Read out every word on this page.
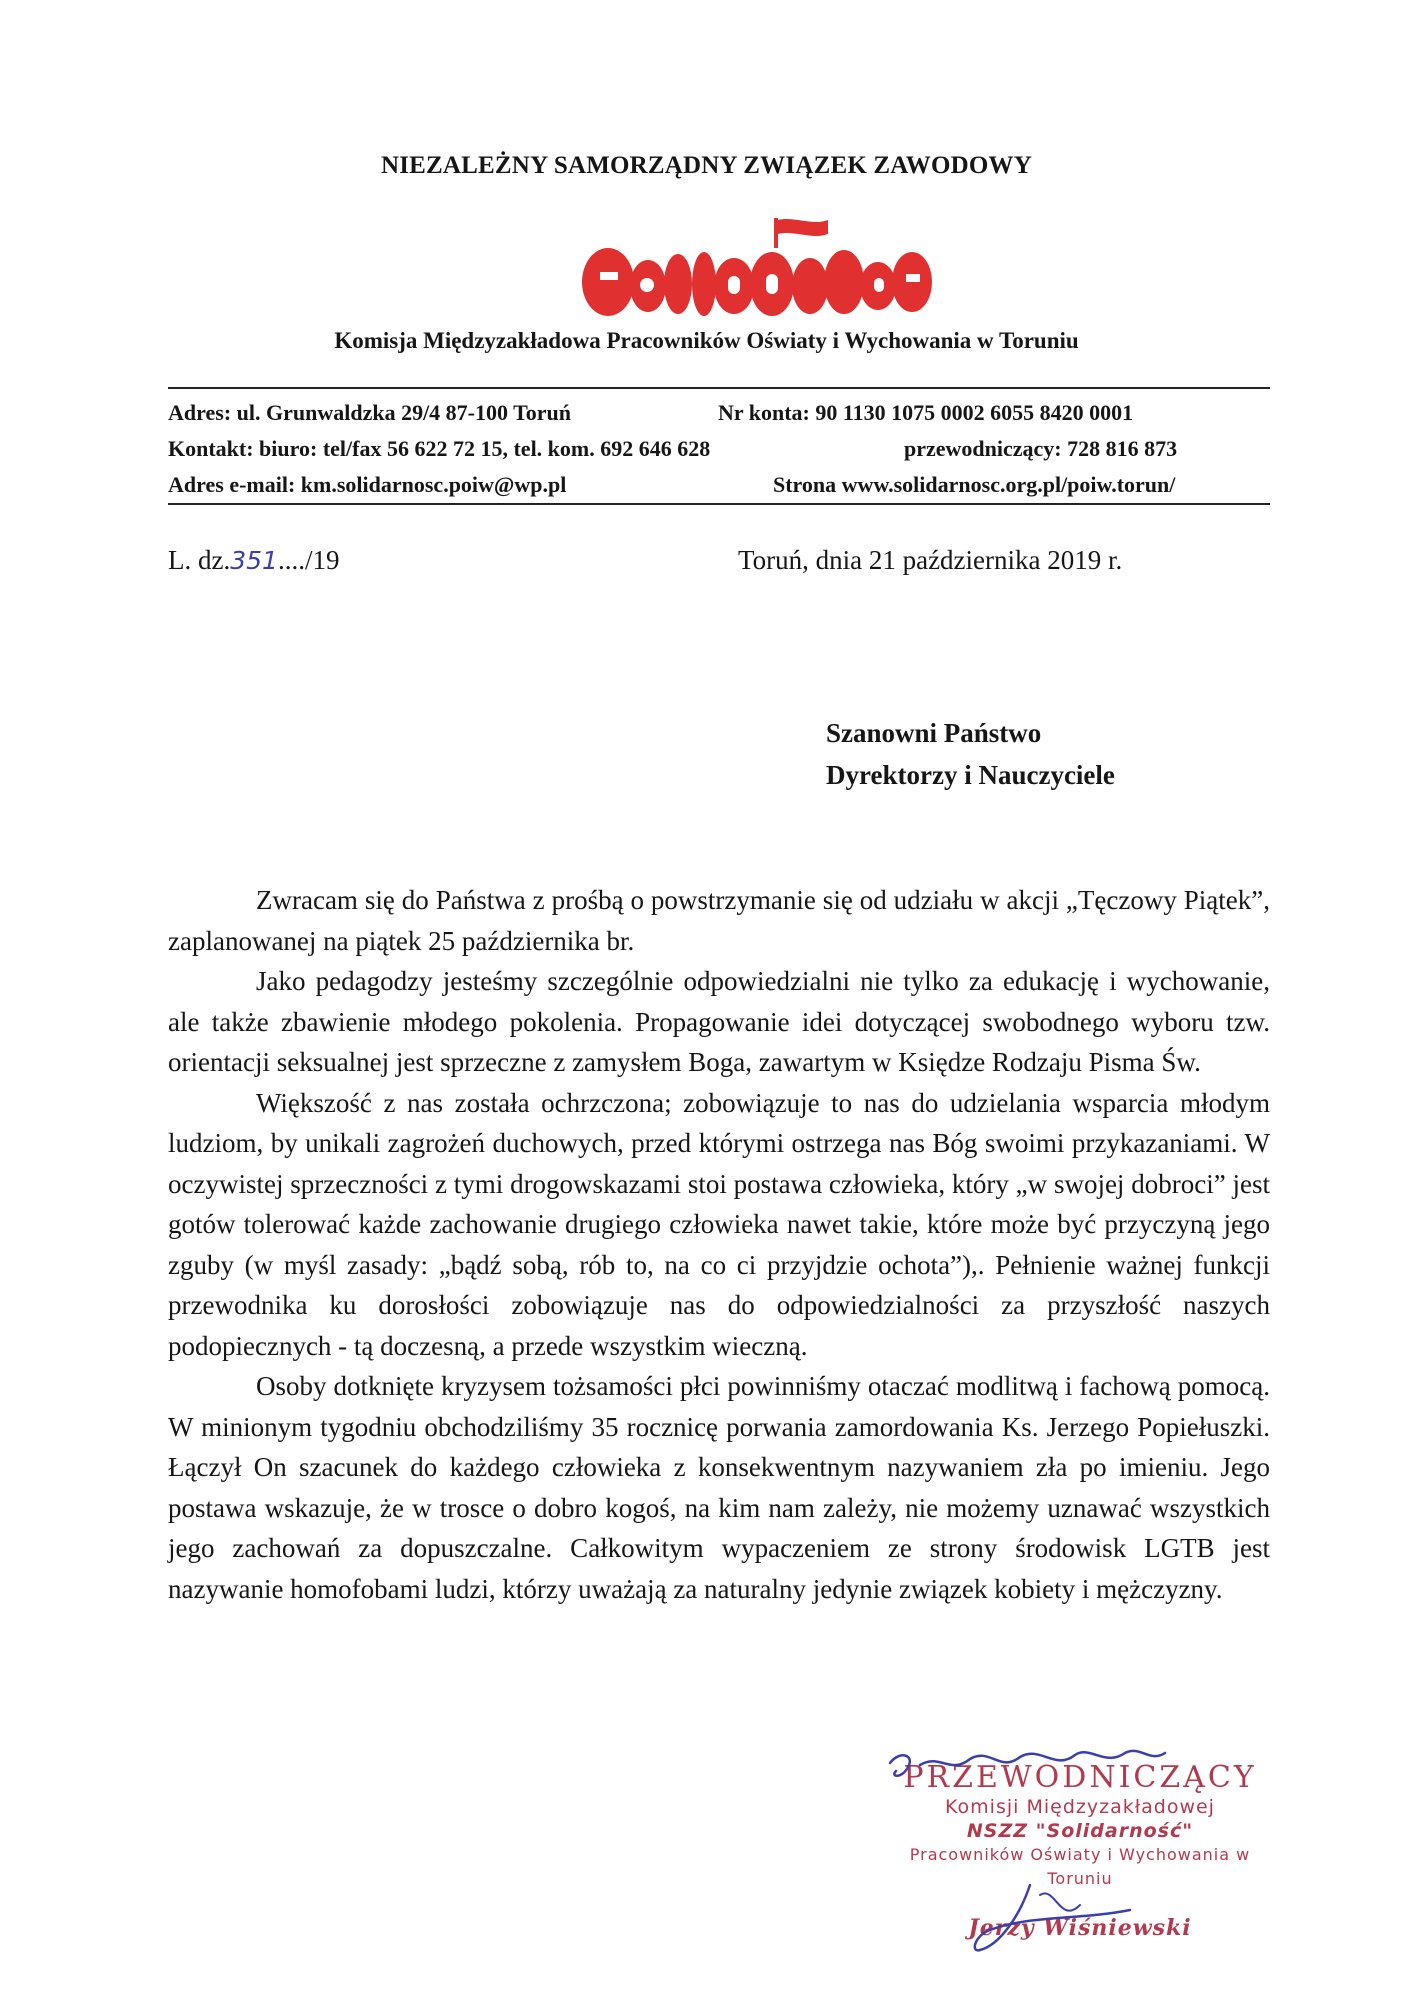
NIEZALEŻNY SAMORZĄDNY ZWIĄZEK ZAWODOWY
Komisja Międzyzakładowa Pracowników Oświaty i Wychowania w Toruniu
Adres: ul. Grunwaldzka 29/4 87-100 Toruń	Nr konta: 90 1130 1075 0002 6055 8420 0001
Kontakt: biuro: tel/fax 56 622 72 15, tel. kom. 692 646 628	przewodniczący: 728 816 873
Adres e-mail: km.solidarnosc.poiw@wp.pl	Strona www.solidarnosc.org.pl/poiw.torun/
L. dz.351..../19	Toruń, dnia 21 października 2019 r.
Szanowni Państwo
Dyrektorzy i Nauczyciele

Zwracam się do Państwa z prośbą o powstrzymanie się od udziału w akcji „Tęczowy Piątek”, zaplanowanej na piątek 25 października br.

Jako pedagodzy jesteśmy szczególnie odpowiedzialni nie tylko za edukację i wychowanie, ale także zbawienie młodego pokolenia. Propagowanie idei dotyczącej swobodnego wyboru tzw. orientacji seksualnej jest sprzeczne z zamysłem Boga, zawartym w Księdze Rodzaju Pisma Św.

Większość z nas została ochrzczona; zobowiązuje to nas do udzielania wsparcia młodym ludziom, by unikali zagrożeń duchowych, przed którymi ostrzega nas Bóg swoimi przykazaniami. W oczywistej sprzeczności z tymi drogowskazami stoi postawa człowieka, który „w swojej dobroci” jest gotów tolerować każde zachowanie drugiego człowieka nawet takie, które może być przyczyną jego zguby (w myśl zasady: „bądź sobą, rób to, na co ci przyjdzie ochota”),. Pełnienie ważnej funkcji przewodnika ku dorosłości zobowiązuje nas do odpowiedzialności za przyszłość naszych podopiecznych - tą doczesną, a przede wszystkim wieczną.

Osoby dotknięte kryzysem tożsamości płci powinniśmy otaczać modlitwą i fachową pomocą. W minionym tygodniu obchodziliśmy 35 rocznicę porwania zamordowania Ks. Jerzego Popiełuszki. Łączył On szacunek do każdego człowieka z konsekwentnym nazywaniem zła po imieniu. Jego postawa wskazuje, że w trosce o dobro kogoś, na kim nam zależy, nie możemy uznawać wszystkich jego zachowań za dopuszczalne. Całkowitym wypaczeniem ze strony środowisk LGTB jest nazywanie homofobami ludzi, którzy uważają za naturalny jedynie związek kobiety i mężczyzny.

PRZEWODNICZĄCY
Komisji Międzyzakładowej
NSZZ "Solidarność"
Pracowników Oświaty i Wychowania w Toruniu
Jerzy Wiśniewski
